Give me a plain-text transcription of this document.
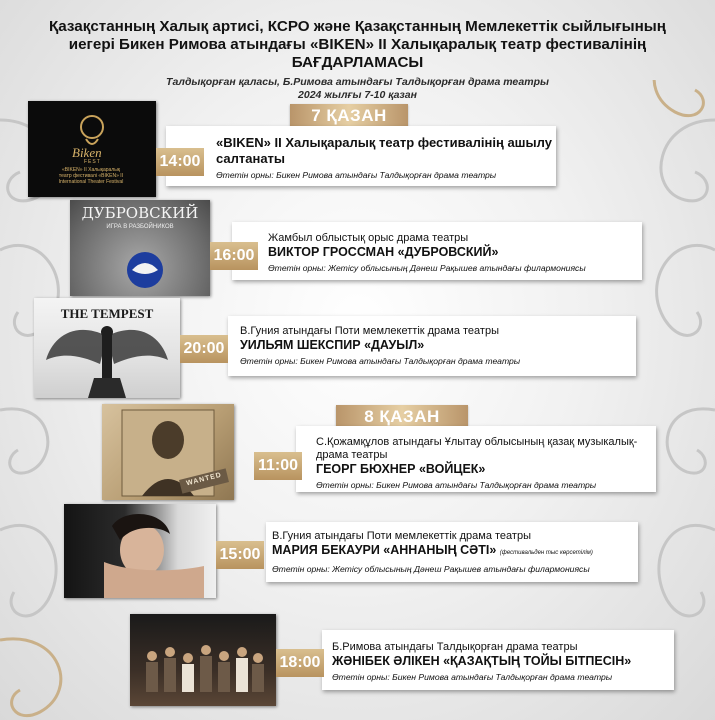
Қазақстанның Халық артисі, КСРО және Қазақстанның Мемлекеттік сыйлығының иегері Бикен Римова атындағы «BIKEN» ІІ Халықаралық театр фестивалінің БАҒДАРЛАМАСЫ
Талдықорған қаласы, Б.Римова атындағы Талдықорған драма театры
2024 жылғы 7-10 қазан
7 ҚАЗАН
8 ҚАЗАН
Biken
FEST
«BIKEN» ІІ Халықаралық театр фестивалі «BIKEN» ІІ International Theater Festival
14:00
«BIKEN» ІІ Халықаралық театр фестивалінің ашылу салтанаты
Өтетін орны: Бикен Римова атындағы Талдықорған драма театры
ДУБРОВСКИЙ
ИГРА В РАЗБОЙНИКОВ
16:00
Жамбыл облыстық орыс драма театры
ВИКТОР ГРОССМАН «ДУБРОВСКИЙ»
Өтетін орны: Жетісу облысының Дәнеш Рақышев атындағы филармониясы
THE TEMPEST
20:00
В.Гуния атындағы Поти мемлекеттік драма театры
УИЛЬЯМ ШЕКСПИР «ДАУЫЛ»
Өтетін орны: Бикен Римова атындағы Талдықорған драма театры
WANTED
11:00
С.Қожамқұлов атындағы Ұлытау облысының қазақ музыкалық-драма театры
ГЕОРГ БЮХНЕР «ВОЙЦЕК»
Өтетін орны: Бикен Римова атындағы Талдықорған драма театры
15:00
В.Гуния атындағы Поти мемлекеттік драма театры
МАРИЯ БЕКАУРИ «АННАНЫҢ СӘТІ» (фестивальден тыс көрсетілім)
Өтетін орны: Жетісу облысының Дәнеш Рақышев атындағы филармониясы
18:00
Б.Римова атындағы Талдықорған драма театры
ЖӘНІБЕК ӘЛІКЕН «ҚАЗАҚТЫҢ ТОЙЫ БІТПЕСІН»
Өтетін орны: Бикен Римова атындағы Талдықорған драма театры
